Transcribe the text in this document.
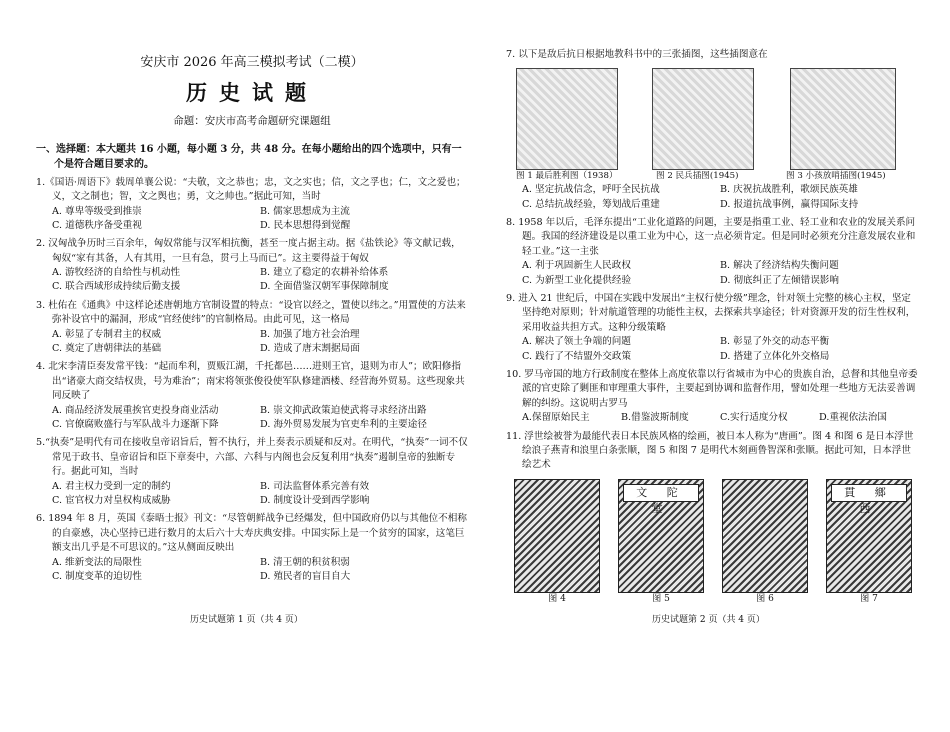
安庆市 2026 年高三模拟考试（二模）
历史试题
命题：安庆市高考命题研究课题组
一、选择题：本大题共 16 小题，每小题 3 分，共 48 分。在每小题给出的四个选项中，只有一个是符合题目要求的。
1.《国语·周语下》载周单襄公说：“夫敬，文之恭也；忠，文之实也；信，文之孚也；仁，文之爱也；义，文之制也；智，文之舆也；勇，文之帅也。”据此可知，当时
A. 尊卑等级受到推崇	B. 儒家思想成为主流
C. 道德秩序备受重视	D. 民本思想得到觉醒
2. 汉匈战争历时三百余年，匈奴常能与汉军相抗衡，甚至一度占据主动。据《盐铁论》等文献记载，匈奴“家有其备，人有其用，一旦有急，贯弓上马而已”。这主要得益于匈奴
A. 游牧经济的自给性与机动性	B. 建立了稳定的农耕补给体系
C. 联合西域形成持续后勤支援	D. 全面借鉴汉朝军事保障制度
3. 杜佑在《通典》中这样论述唐朝地方官制设置的特点：“设官以经之，置使以纬之。”用置使的方法来弥补设官中的漏洞，形成“官经使纬”的官制格局。由此可见，这一格局
A. 彰显了专制君主的权威	B. 加强了地方社会治理
C. 奠定了唐朝律法的基础	D. 造成了唐末割据局面
4. 北宋李清臣奏发常平钱：“起而牟利，贾贩江湖，千托都邑……进则王官，退则为市人”；欧阳修指出“诸豪大商交结权贵，号为难治”；南宋将领张俊役使军队修建酒楼、经营海外贸易。这些现象共同反映了
A. 商品经济发展重挨官吏投身商业活动	B. 崇文抑武政策迫使武将寻求经济出路
C. 官僚腐败盛行与军队战斗力逐渐下降	D. 海外贸易发展为官吏牟利的主要途径
5.“执奏”是明代有司在接收皇帝诏旨后，暂不执行，并上奏表示质疑和反对。在明代，“执奏”一词不仅常见于政书、皇帝诏旨和臣下章奏中，六部、六科与内阁也会反复利用“执奏”遏制皇帝的独断专行。据此可知，当时
A. 君主权力受到一定的制约	B. 司法监督体系完善有效
C. 宦官权力对皇权构成威胁	D. 制度设计受到西学影响
6. 1894 年 8 月，英国《泰晤士报》刊文：“尽管朝鲜战争已经爆发，但中国政府仍以与其他位不相称的自豪感，决心坚持已进行数月的太后六十大寿庆典安排。中国实际上是一个贫穷的国家，这笔巨额支出几乎是不可思议的。”这从侧面反映出
A. 维新变法的局限性	B. 清王朝的积贫积弱
C. 制度变革的迫切性	D. 殖民者的盲目自大
历史试题第 1 页（共 4 页）
7. 以下是敌后抗日根据地教科书中的三张插图，这些插图意在
图 1 最后胜利图（1938）	图 2 民兵插图(1945)	图 3 小孩放哨插图(1945)
A. 坚定抗战信念，呼吁全民抗战	B. 庆祝抗战胜利，歌颂民族英雄
C. 总结抗战经验，筹划战后重建	D. 报道抗战事例，赢得国际支持
8. 1958 年以后，毛泽东提出“工业化道路的问题，主要是指重工业、轻工业和农业的发展关系问题。我国的经济建设是以重工业为中心，这一点必须肯定。但是同时必须充分注意发展农业和轻工业。”这一主张
A. 利于巩固新生人民政权	B. 解决了经济结构失衡问题
C. 为新型工业化提供经验	D. 彻底纠正了左倾错误影响
9. 进入 21 世纪后，中国在实践中发展出“主权行使分级”理念，针对领土完整的核心主权，坚定坚持绝对原则；针对航道管理的功能性主权，去探索共享途径；针对资源开发的衍生性权利，采用收益共担方式。这种分级策略
A. 解决了领土争端的问题	B. 彰显了外交的动态平衡
C. 践行了不结盟外交政策	D. 搭建了立体化外交格局
10. 罗马帝国的地方行政制度在整体上高度依靠以行省城市为中心的贵族自治，总督和其他皇帝委派的官吏除了剿匪和审理重大事件，主要起到协调和监督作用，譬如处理一些地方无法妥善调解的纠纷。这说明古罗马
A.保留原始民主	B.借鉴波斯制度	C.实行适度分权	D.重视依法治国
11. 浮世绘被誉为最能代表日本民族风格的绘画，被日本人称为“唐画”。图 4 和图 6 是日本浮世绘浪子燕青和浪里白条张顺，图 5 和图 7 是明代木刻画鲁智深和张顺。据此可知，日本浮世绘艺术
文 陀 堂
貫 鄉 西
图 4	图 5	图 6	图 7
历史试题第 2 页（共 4 页）
